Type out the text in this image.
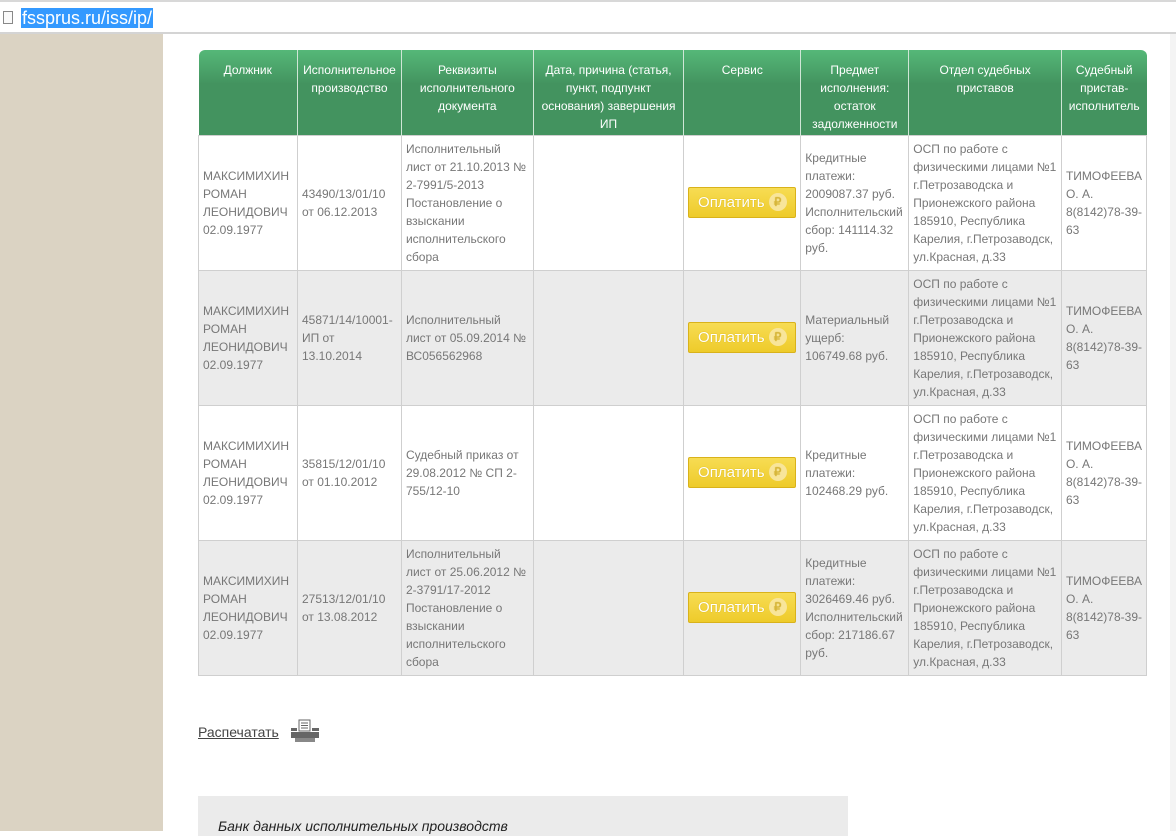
fssprus.ru/iss/ip/
Должник	Исполнительное производство	Реквизиты исполнительного документа	Дата, причина (статья, пункт, подпункт основания) завершения ИП	Сервис	Предмет исполнения: остаток задолженности	Отдел судебных приставов	Судебный пристав-исполнитель
МАКСИМИХИН РОМАН ЛЕОНИДОВИЧ 02.09.1977	43490/13/01/10 от 06.12.2013	Исполнительный лист от 21.10.2013 № 2-7991/5-2013 Постановление о взыскании исполнительского сбора		Оплатить ₽	Кредитные платежи: 2009087.37 руб. Исполнительский сбор: 141114.32 руб.	ОСП по работе с физическими лицами №1 г.Петрозаводска и Прионежского района 185910, Республика Карелия, г.Петрозаводск, ул.Красная, д.33	ТИМОФЕЕВА О. А. 8(8142)78-39-63
МАКСИМИХИН РОМАН ЛЕОНИДОВИЧ 02.09.1977	45871/14/10001-ИП от 13.10.2014	Исполнительный лист от 05.09.2014 № ВС056562968		Оплатить ₽	Материальный ущерб: 106749.68 руб.	ОСП по работе с физическими лицами №1 г.Петрозаводска и Прионежского района 185910, Республика Карелия, г.Петрозаводск, ул.Красная, д.33	ТИМОФЕЕВА О. А. 8(8142)78-39-63
МАКСИМИХИН РОМАН ЛЕОНИДОВИЧ 02.09.1977	35815/12/01/10 от 01.10.2012	Судебный приказ от 29.08.2012 № СП 2-755/12-10		Оплатить ₽	Кредитные платежи: 102468.29 руб.	ОСП по работе с физическими лицами №1 г.Петрозаводска и Прионежского района 185910, Республика Карелия, г.Петрозаводск, ул.Красная, д.33	ТИМОФЕЕВА О. А. 8(8142)78-39-63
МАКСИМИХИН РОМАН ЛЕОНИДОВИЧ 02.09.1977	27513/12/01/10 от 13.08.2012	Исполнительный лист от 25.06.2012 № 2-3791/17-2012 Постановление о взыскании исполнительского сбора		Оплатить ₽	Кредитные платежи: 3026469.46 руб. Исполнительский сбор: 217186.67 руб.	ОСП по работе с физическими лицами №1 г.Петрозаводска и Прионежского района 185910, Республика Карелия, г.Петрозаводск, ул.Красная, д.33	ТИМОФЕЕВА О. А. 8(8142)78-39-63
Распечатать
Банк данных исполнительных производств
